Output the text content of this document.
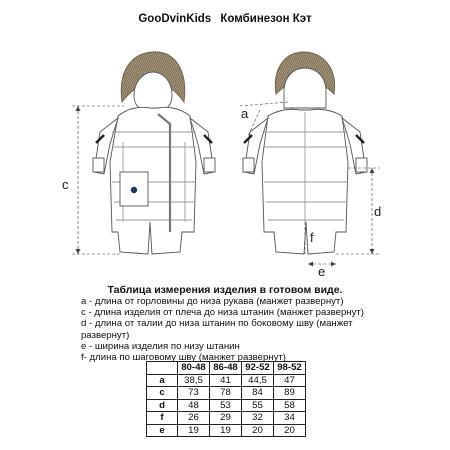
GooDvinKids Комбинезон Кэт
a
c
d
e
f
Таблица измерения изделия в готовом виде.
a - длина от горловины до низа рукава (манжет развернут)
c - длина изделия от плеча до низа штанин (манжет развернут)
d - длина от талии до низа штанин по боковому шву (манжет развернут)
e - ширина изделия по низу штанин
f- длина по шаговому шву (манжет развернут)
	80-48	86-48	92-52	98-52
a	38,5	41	44,5	47
c	73	78	84	89
d	48	53	55	58
f	26	29	32	34
e	19	19	20	20
